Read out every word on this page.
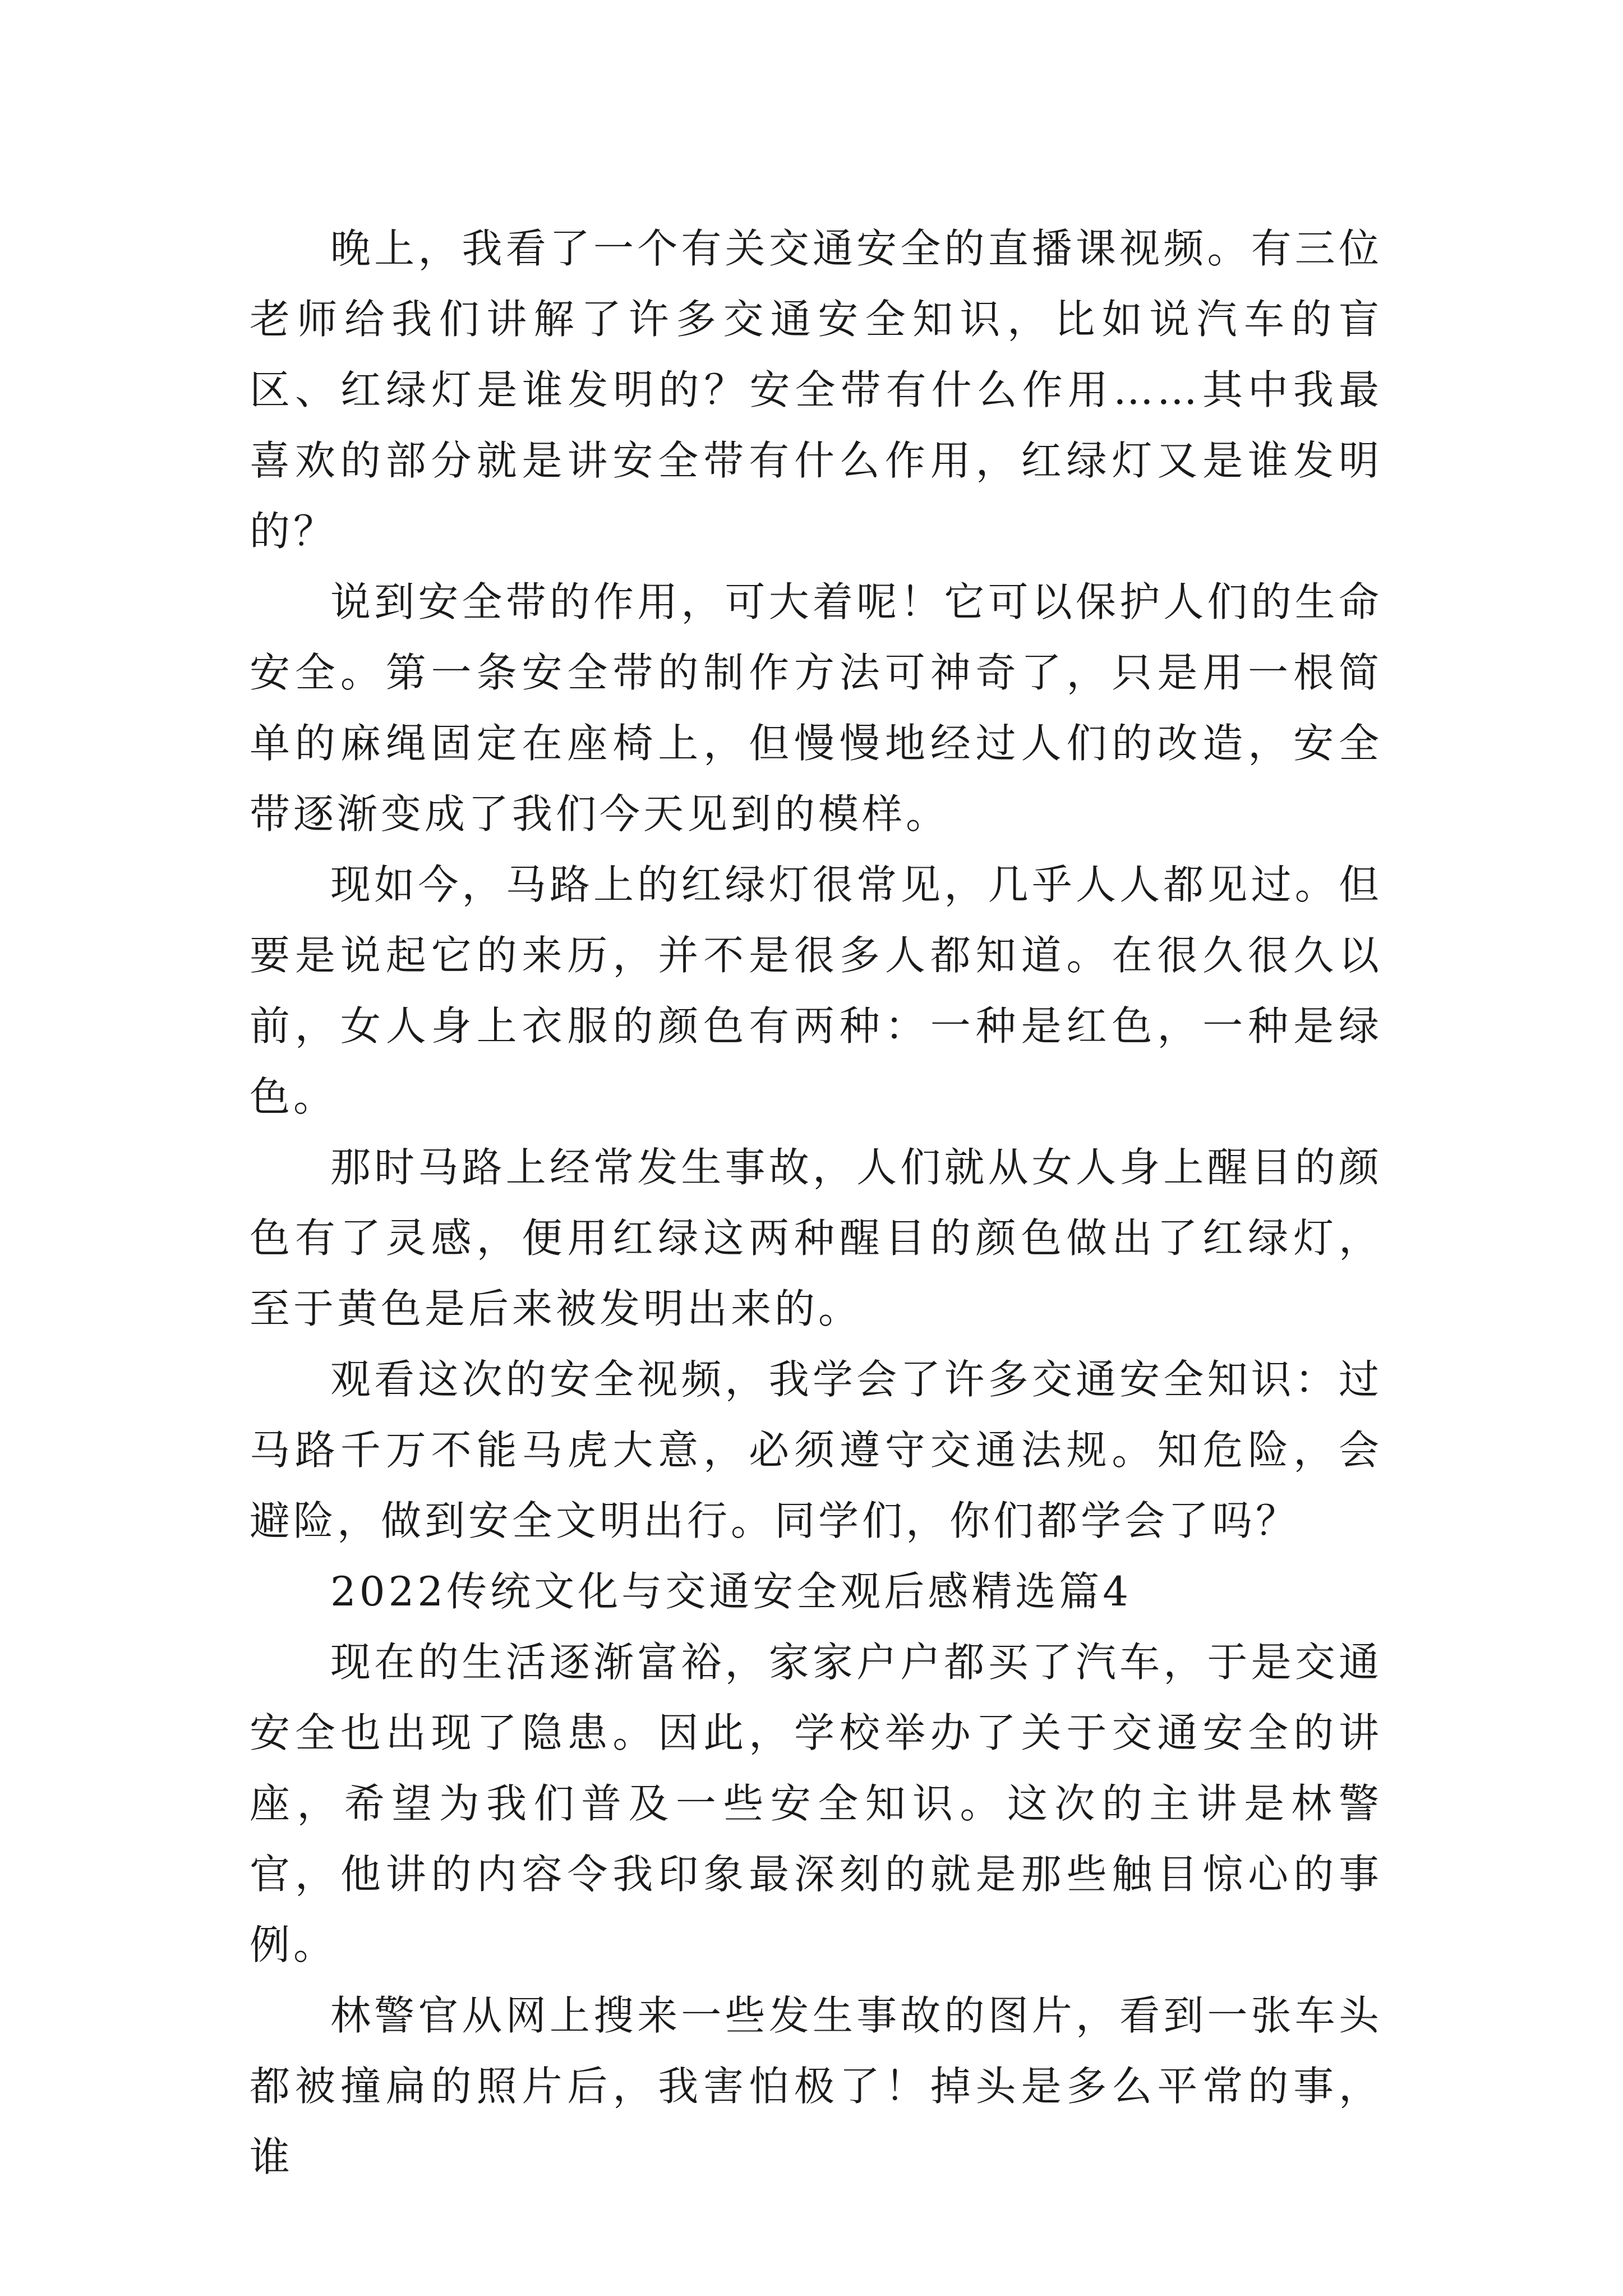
晚上，我看了一个有关交通安全的直播课视频。有三位老师给我们讲解了许多交通安全知识，比如说汽车的盲区、红绿灯是谁发明的？安全带有什么作用……其中我最喜欢的部分就是讲安全带有什么作用，红绿灯又是谁发明的？

说到安全带的作用，可大着呢！它可以保护人们的生命安全。第一条安全带的制作方法可神奇了，只是用一根简单的麻绳固定在座椅上，但慢慢地经过人们的改造，安全带逐渐变成了我们今天见到的模样。

现如今，马路上的红绿灯很常见，几乎人人都见过。但要是说起它的来历，并不是很多人都知道。在很久很久以前，女人身上衣服的颜色有两种：一种是红色，一种是绿色。

那时马路上经常发生事故，人们就从女人身上醒目的颜色有了灵感，便用红绿这两种醒目的颜色做出了红绿灯，至于黄色是后来被发明出来的。

观看这次的安全视频，我学会了许多交通安全知识：过马路千万不能马虎大意，必须遵守交通法规。知危险，会避险，做到安全文明出行。同学们，你们都学会了吗？

2022传统文化与交通安全观后感精选篇4

现在的生活逐渐富裕，家家户户都买了汽车，于是交通安全也出现了隐患。因此，学校举办了关于交通安全的讲座，希望为我们普及一些安全知识。这次的主讲是林警官，他讲的内容令我印象最深刻的就是那些触目惊心的事例。

林警官从网上搜来一些发生事故的图片，看到一张车头都被撞扁的照片后，我害怕极了！掉头是多么平常的事，谁
